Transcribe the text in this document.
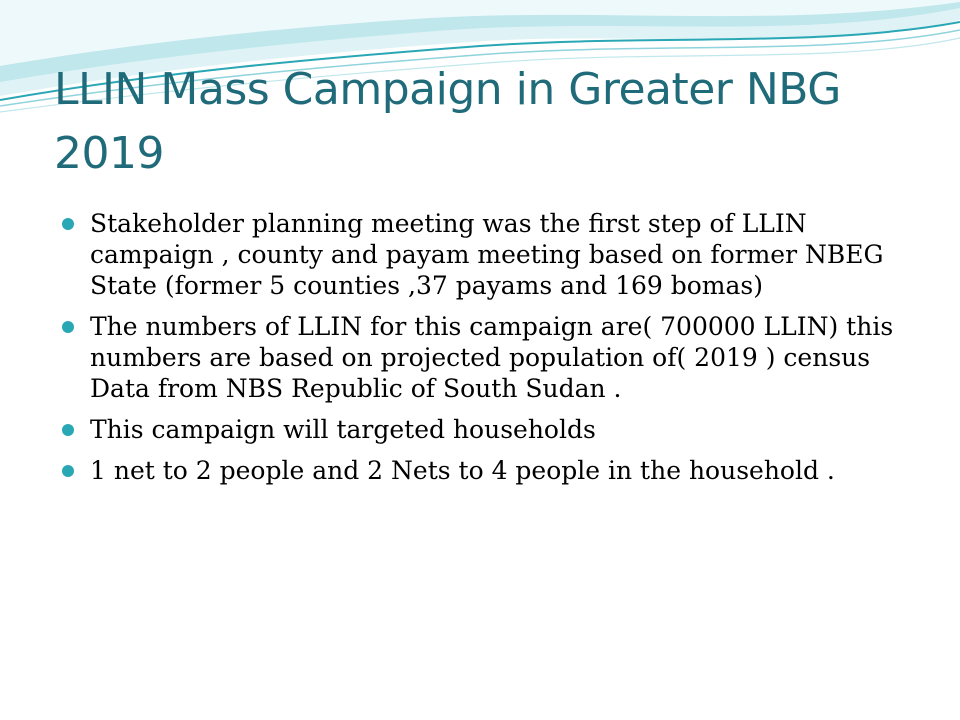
LLIN Mass Campaign in Greater NBG 2019
Stakeholder planning meeting was the first step of LLIN campaign , county and payam meeting based on former NBEG State (former 5 counties ,37 payams and 169 bomas)
The numbers of LLIN for this campaign are( 700000 LLIN) this numbers are based on projected population of( 2019 ) census Data from NBS Republic of South Sudan .
This campaign will targeted households
1 net to 2 people and 2 Nets to 4 people in the household .
